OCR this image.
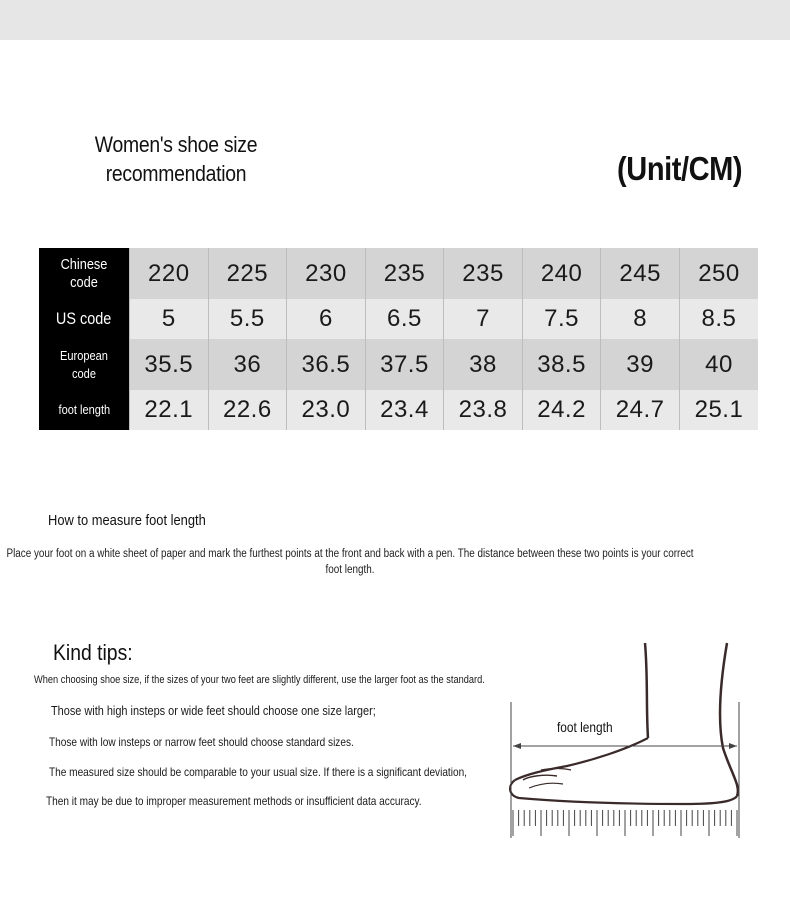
Women's shoe size
recommendation	(Unit/CM)
Chinese code	220	225	230	235	235	240	245	250
US code	5	5.5	6	6.5	7	7.5	8	8.5
European code	35.5	36	36.5	37.5	38	38.5	39	40
foot length	22.1	22.6	23.0	23.4	23.8	24.2	24.7	25.1
How to measure foot length
Place your foot on a white sheet of paper and mark the furthest points at the front and back with a pen. The distance between these two points is your correct foot length.
Kind tips:
When choosing shoe size, if the sizes of your two feet are slightly different, use the larger foot as the standard.
Those with high insteps or wide feet should choose one size larger;
Those with low insteps or narrow feet should choose standard sizes.
The measured size should be comparable to your usual size. If there is a significant deviation,
Then it may be due to improper measurement methods or insufficient data accuracy.
foot length
